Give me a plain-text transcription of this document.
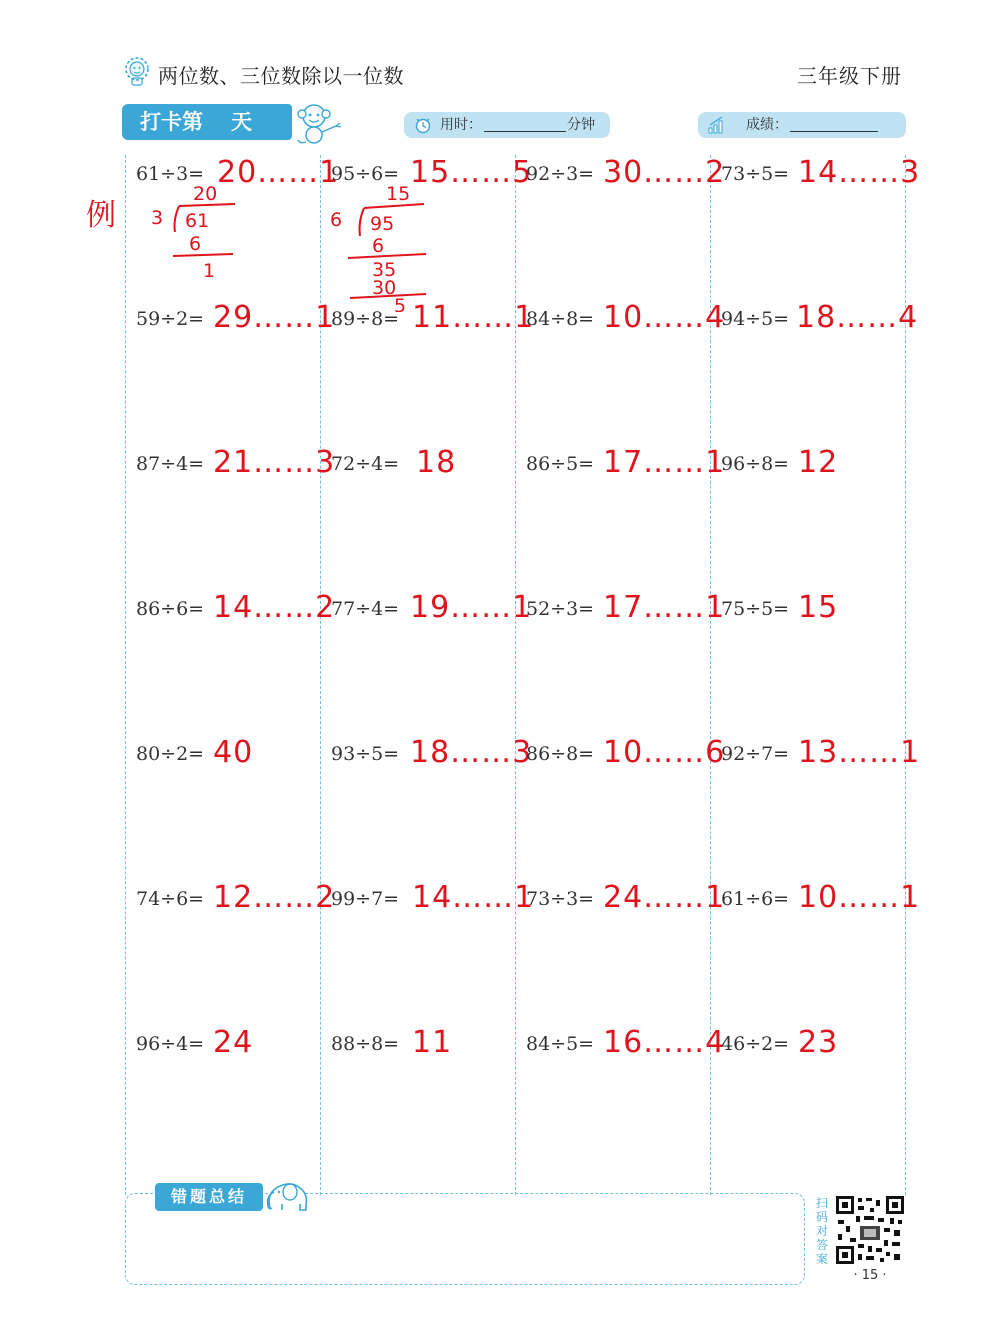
两位数、三位数除以一位数	三年级下册
打卡第 天	用时：	分钟	成绩：
61÷3= 20……1
59÷2= 29……1
87÷4= 21……3
86÷6= 14……2
80÷2= 40
74÷6= 12……2
96÷4= 24
95÷6= 15……5
89÷8= 11……1
72÷4= 18
77÷4= 19……1
93÷5= 18……3
99÷7= 14……1
88÷8= 11
92÷3= 30……2
84÷8= 10……4
86÷5= 17……1
52÷3= 17……1
86÷8= 10……6
73÷3= 24……1
84÷5= 16……4
73÷5= 14……3
94÷5= 18……4
96÷8= 12
75÷5= 15
92÷7= 13……1
61÷6= 10……1
46÷2= 23
例
20
3 61
6
1
15
6 95
6
35
30
5
错题总结	扫码对答案
· 15 ·
